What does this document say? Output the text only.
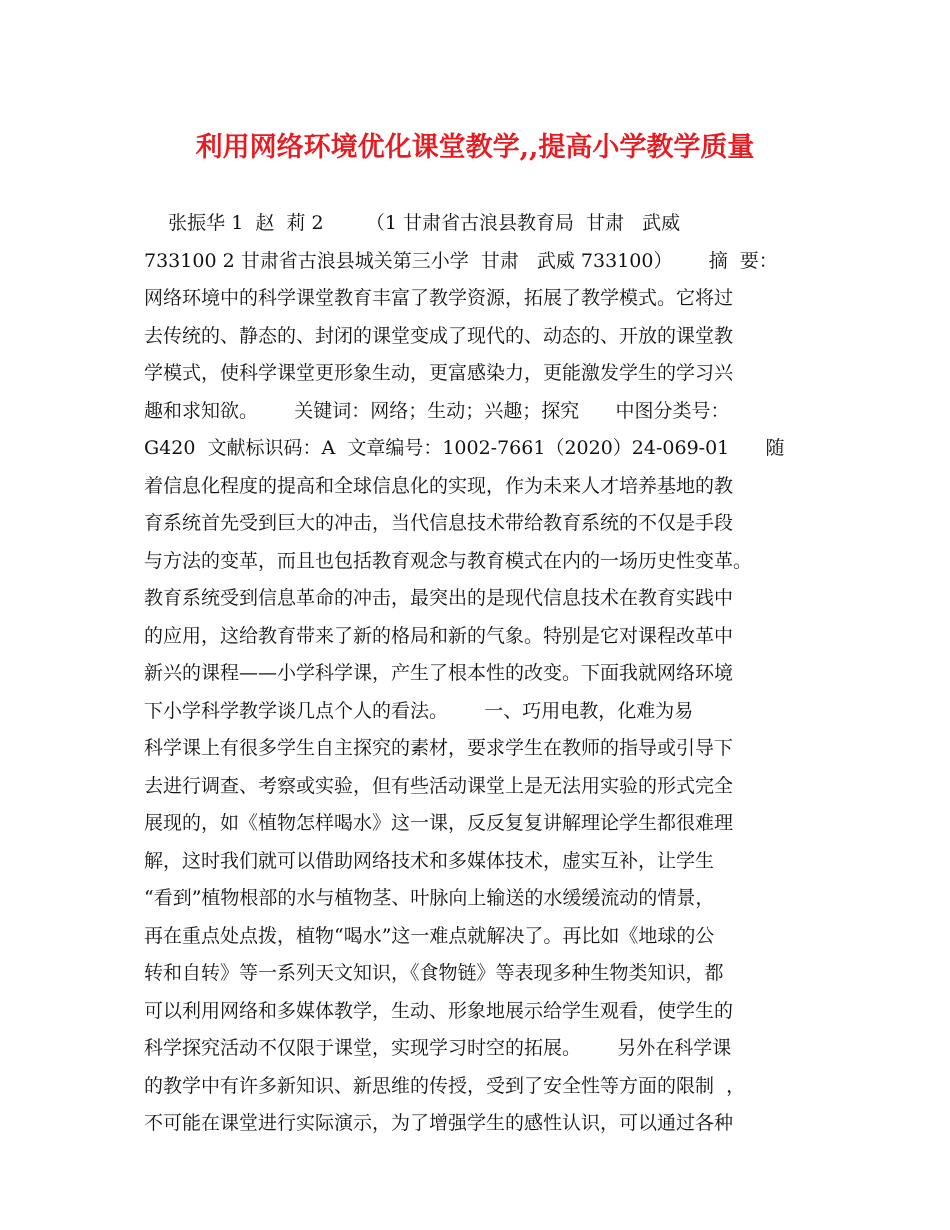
利用网络环境优化课堂教学,,提高小学教学质量
张振华 1  赵  莉 2       （1 甘肃省古浪县教育局  甘肃   武威
733100 2 甘肃省古浪县城关第三小学  甘肃   武威 733100）      摘  要：
网络环境中的科学课堂教育丰富了教学资源，拓展了教学模式。它将过
去传统的、静态的、封闭的课堂变成了现代的、动态的、开放的课堂教
学模式，使科学课堂更形象生动，更富感染力，更能激发学生的学习兴
趣和求知欲。      关键词：网络；生动；兴趣；探究      中图分类号：
G420  文献标识码：A  文章编号：1002-7661（2020）24-069-01      随
着信息化程度的提高和全球信息化的实现，作为未来人才培养基地的教
育系统首先受到巨大的冲击，当代信息技术带给教育系统的不仅是手段
与方法的变革，而且也包括教育观念与教育模式在内的一场历史性变革。
教育系统受到信息革命的冲击，最突出的是现代信息技术在教育实践中
的应用，这给教育带来了新的格局和新的气象。特别是它对课程改革中
新兴的课程——小学科学课，产生了根本性的改变。下面我就网络环境
下小学科学教学谈几点个人的看法。      一、巧用电教，化难为易
科学课上有很多学生自主探究的素材，要求学生在教师的指导或引导下
去进行调查、考察或实验，但有些活动课堂上是无法用实验的形式完全
展现的，如《植物怎样喝水》这一课，反反复复讲解理论学生都很难理
解，这时我们就可以借助网络技术和多媒体技术，虚实互补，让学生
“看到”植物根部的水与植物茎、叶脉向上输送的水缓缓流动的情景，
再在重点处点拨，植物“喝水”这一难点就解决了。再比如《地球的公
转和自转》等一系列天文知识，《食物链》等表现多种生物类知识，都
可以利用网络和多媒体教学，生动、形象地展示给学生观看，使学生的
科学探究活动不仅限于课堂，实现学习时空的拓展。      另外在科学课
的教学中有许多新知识、新思维的传授，受到了安全性等方面的限制  ，
不可能在课堂进行实际演示，为了增强学生的感性认识，可以通过各种
